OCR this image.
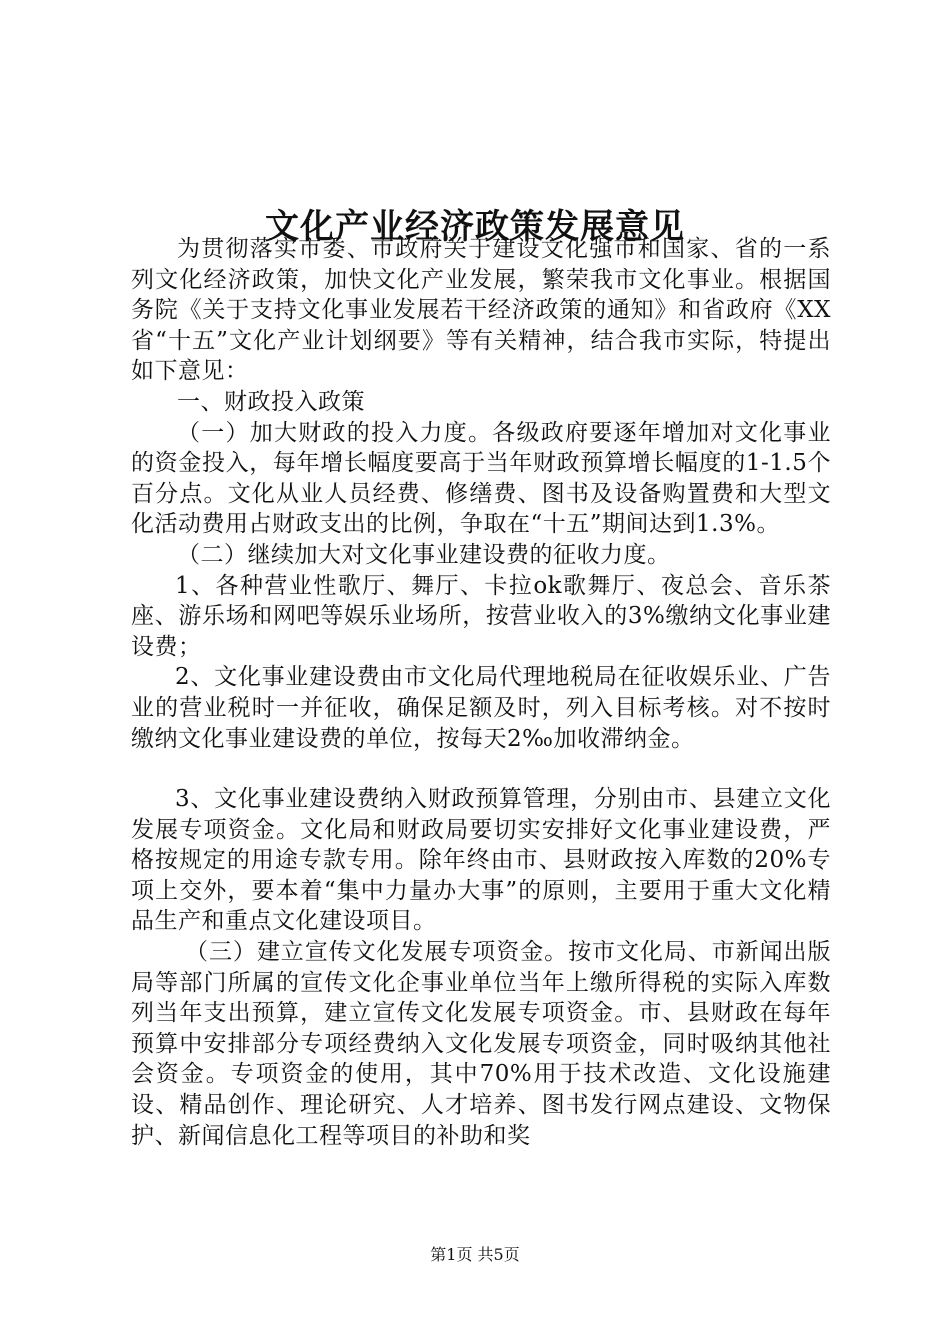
文化产业经济政策发展意见

为贯彻落实市委、市政府关于建设文化强市和国家、省的一系列文化经济政策，加快文化产业发展，繁荣我市文化事业。根据国务院《关于支持文化事业发展若干经济政策的通知》和省政府《XX省“十五”文化产业计划纲要》等有关精神，结合我市实际，特提出如下意见：

一、财政投入政策

（一）加大财政的投入力度。各级政府要逐年增加对文化事业的资金投入，每年增长幅度要高于当年财政预算增长幅度的1-1.5个百分点。文化从业人员经费、修缮费、图书及设备购置费和大型文化活动费用占财政支出的比例，争取在“十五”期间达到1.3%。

（二）继续加大对文化事业建设费的征收力度。

1、各种营业性歌厅、舞厅、卡拉ok歌舞厅、夜总会、音乐茶座、游乐场和网吧等娱乐业场所，按营业收入的3%缴纳文化事业建设费；

2、文化事业建设费由市文化局代理地税局在征收娱乐业、广告业的营业税时一并征收，确保足额及时，列入目标考核。对不按时缴纳文化事业建设费的单位，按每天2‰加收滞纳金。

3、文化事业建设费纳入财政预算管理，分别由市、县建立文化发展专项资金。文化局和财政局要切实安排好文化事业建设费，严格按规定的用途专款专用。除年终由市、县财政按入库数的20%专项上交外，要本着“集中力量办大事”的原则，主要用于重大文化精品生产和重点文化建设项目。

（三）建立宣传文化发展专项资金。按市文化局、市新闻出版局等部门所属的宣传文化企事业单位当年上缴所得税的实际入库数列当年支出预算，建立宣传文化发展专项资金。市、县财政在每年预算中安排部分专项经费纳入文化发展专项资金，同时吸纳其他社会资金。专项资金的使用，其中70%用于技术改造、文化设施建设、精品创作、理论研究、人才培养、图书发行网点建设、文物保护、新闻信息化工程等项目的补助和奖

第1页 共5页
